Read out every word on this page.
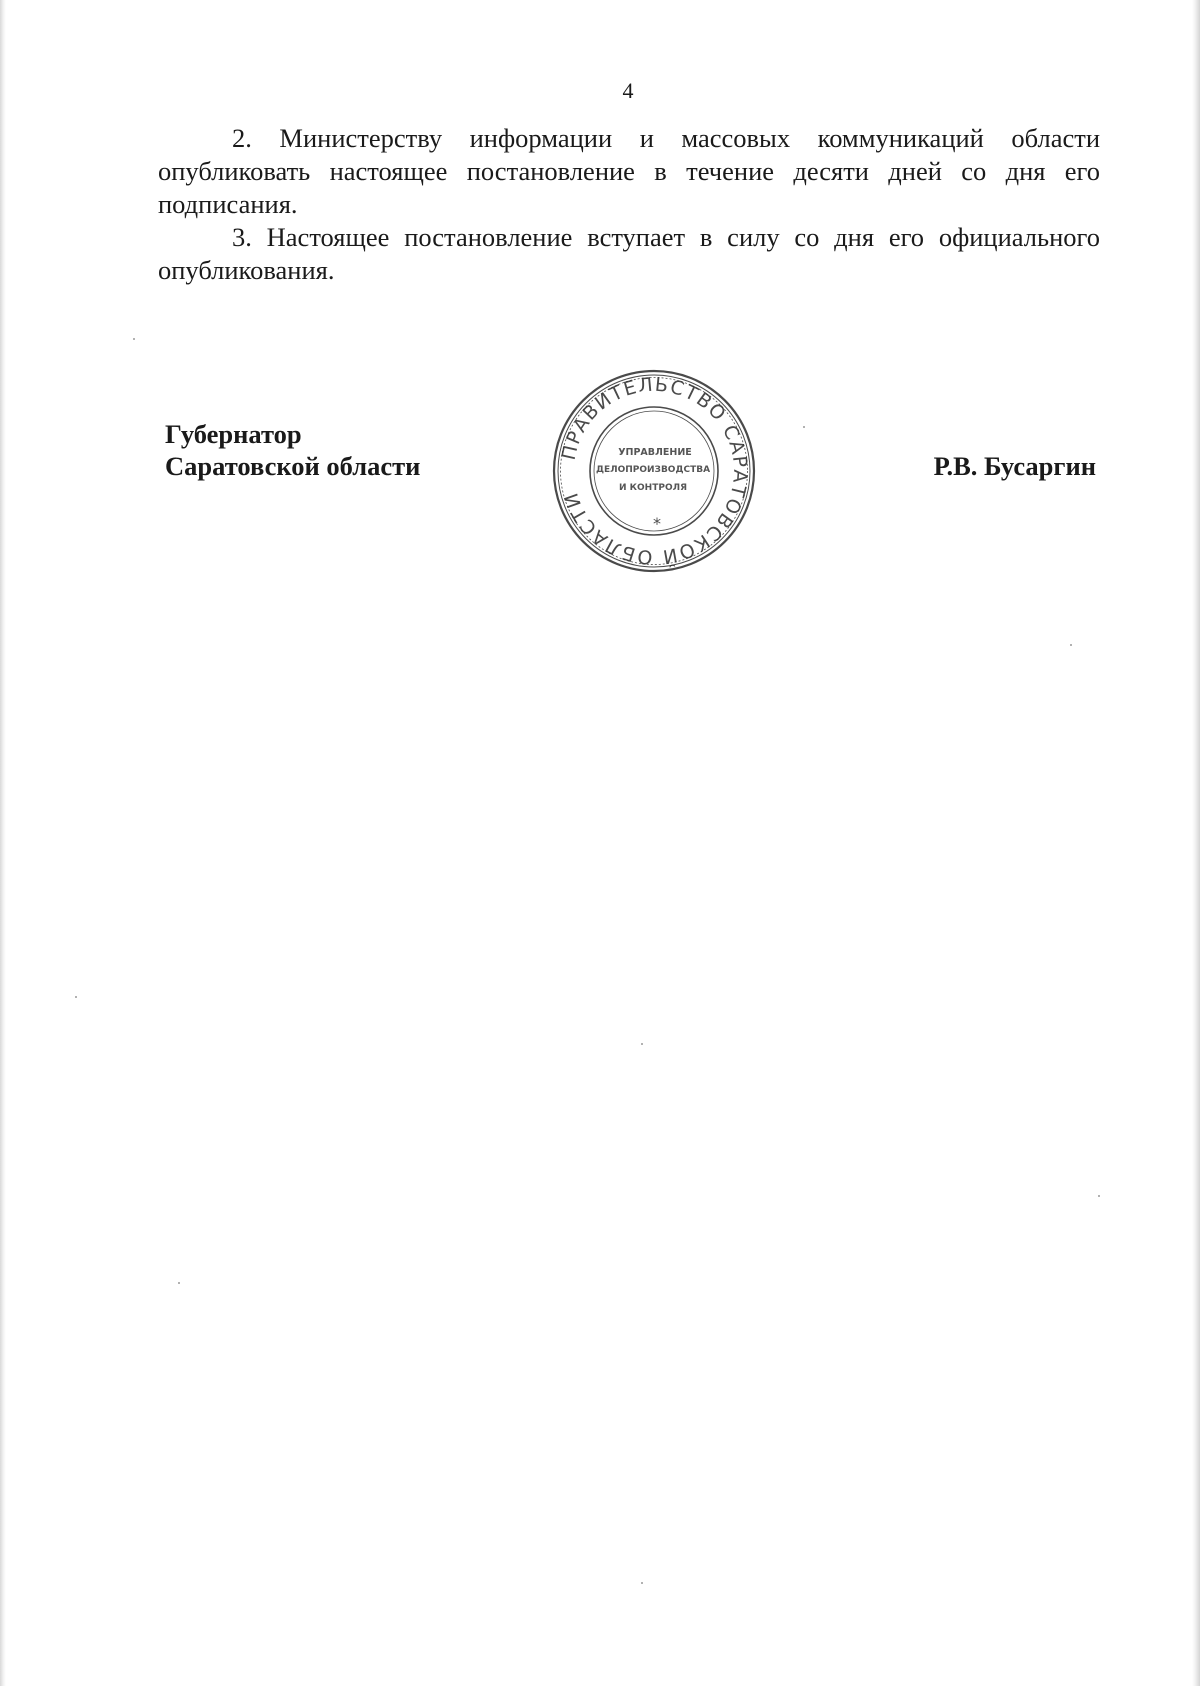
4

2. Министерству информации и массовых коммуникаций области опубликовать настоящее постановление в течение десяти дней со дня его подписания.

3. Настоящее постановление вступает в силу со дня его официального опубликования.

Губернатор
Саратовской области	Р.В. Бусаргин
ПРАВИТЕЛЬСТВО САРАТОВСКОЙ ОБЛАСТИ
*
УПРАВЛЕНИЕ
ДЕЛОПРОИЗВОДСТВА
И КОНТРОЛЯ
